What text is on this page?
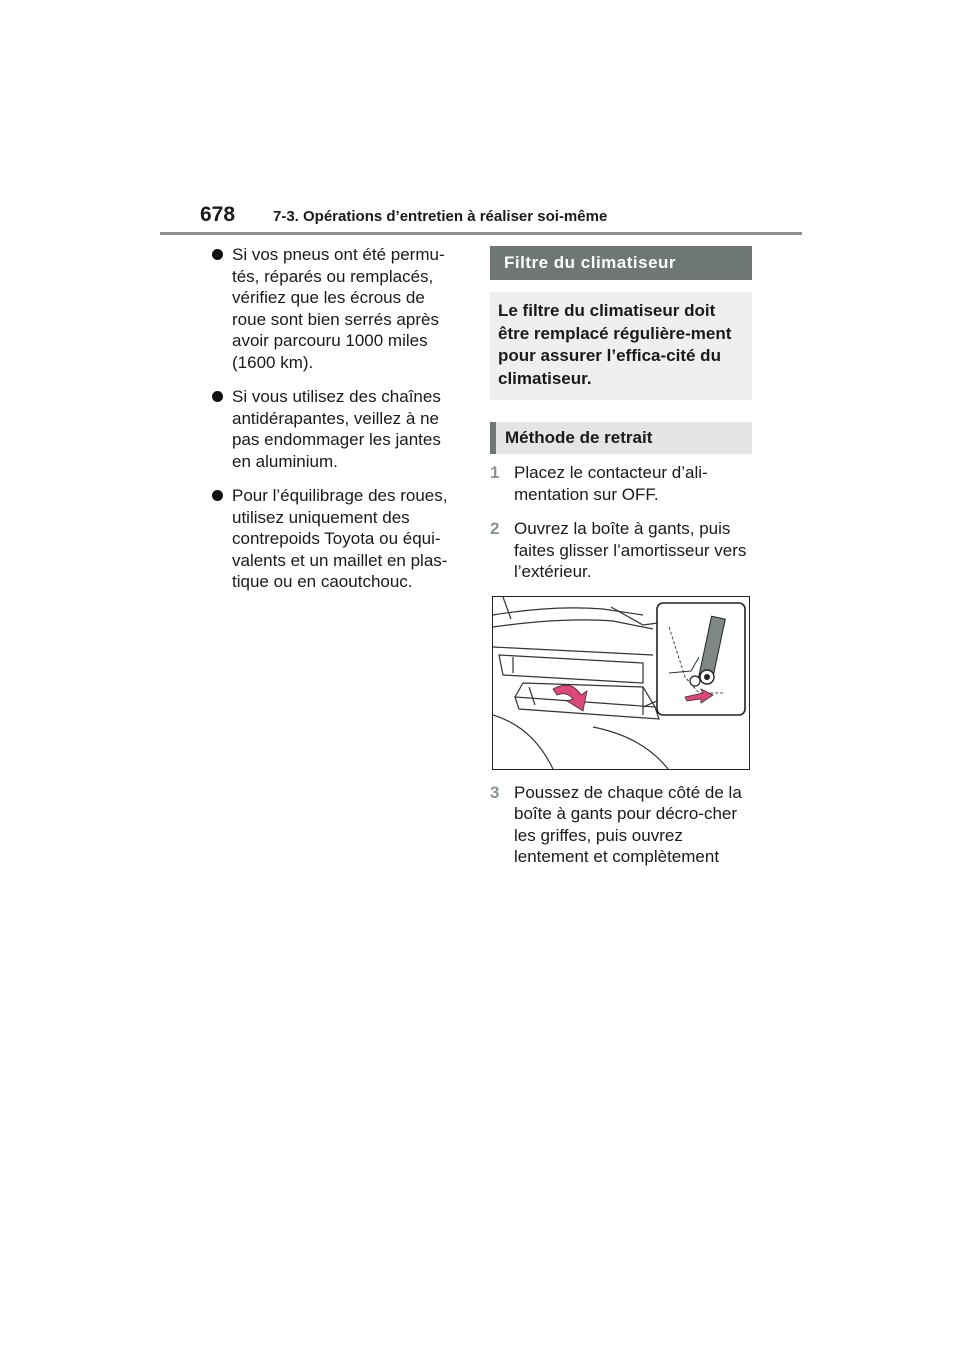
678	7-3. Opérations d’entretien à réaliser soi-même
Si vos pneus ont été permu-tés, réparés ou remplacés, vérifiez que les écrous de roue sont bien serrés après avoir parcouru 1000 miles (1600 km).
Si vous utilisez des chaînes antidérapantes, veillez à ne pas endommager les jantes en aluminium.
Pour l’équilibrage des roues, utilisez uniquement des contrepoids Toyota ou équi-valents et un maillet en plas-tique ou en caoutchouc.
Filtre du climatiseur
Le filtre du climatiseur doit être remplacé régulière-ment pour assurer l’effica-cité du climatiseur.
Méthode de retrait
1 Placez le contacteur d’ali-mentation sur OFF.
2 Ouvrez la boîte à gants, puis faites glisser l’amortisseur vers l’extérieur.
3 Poussez de chaque côté de la boîte à gants pour décro-cher les griffes, puis ouvrez lentement et complètement
